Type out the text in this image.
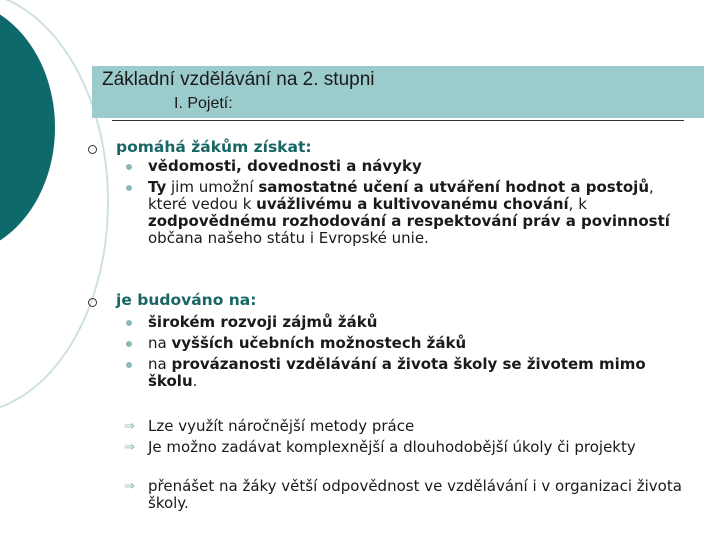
Základní vzdělávání na 2. stupni
I. Pojetí:

pomáhá žákům získat:

vědomosti, dovednosti a návyky

Ty jim umožní samostatné učení a utváření hodnot a postojů, které vedou k uvážlivému a kultivovanému chování, k zodpovědnému rozhodování a respektování práv a povinností občana našeho státu i Evropské unie.

je budováno na:

širokém rozvoji zájmů žáků

na vyšších učebních možnostech žáků

na provázanosti vzdělávání a života školy se životem mimo školu.

⇒ Lze využít náročnější metody práce

⇒ Je možno zadávat komplexnější a dlouhodobější úkoly či projekty

⇒ přenášet na žáky větší odpovědnost ve vzdělávání i v organizaci života školy.
